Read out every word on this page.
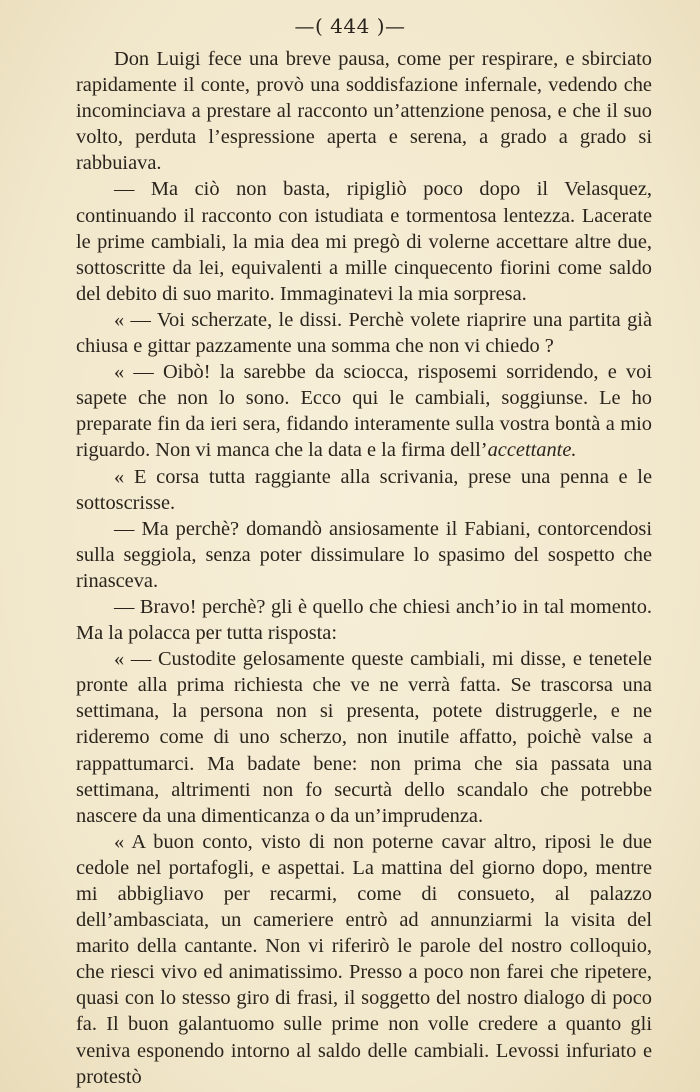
—( 444 )—

Don Luigi fece una breve pausa, come per respirare, e sbirciato rapidamente il conte, provò una soddisfazione infernale, vedendo che incominciava a prestare al racconto un’attenzione penosa, e che il suo volto, perduta l’espressione aperta e serena, a grado a grado si rabbuiava.

— Ma ciò non basta, ripigliò poco dopo il Velasquez, continuando il racconto con istudiata e tormentosa lentezza. Lacerate le prime cambiali, la mia dea mi pregò di volerne accettare altre due, sottoscritte da lei, equivalenti a mille cinquecento fiorini come saldo del debito di suo marito. Immaginatevi la mia sorpresa.

« — Voi scherzate, le dissi. Perchè volete riaprire una partita già chiusa e gittar pazzamente una somma che non vi chiedo ?

« — Oibò! la sarebbe da sciocca, risposemi sorridendo, e voi sapete che non lo sono. Ecco qui le cambiali, soggiunse. Le ho preparate fin da ieri sera, fidando interamente sulla vostra bontà a mio riguardo. Non vi manca che la data e la firma dell’accettante.

« E corsa tutta raggiante alla scrivania, prese una penna e le sottoscrisse.

— Ma perchè? domandò ansiosamente il Fabiani, contorcendosi sulla seggiola, senza poter dissimulare lo spasimo del sospetto che rinasceva.

— Bravo! perchè? gli è quello che chiesi anch’io in tal momento. Ma la polacca per tutta risposta:

« — Custodite gelosamente queste cambiali, mi disse, e tenetele pronte alla prima richiesta che ve ne verrà fatta. Se trascorsa una settimana, la persona non si presenta, potete distruggerle, e ne rideremo come di uno scherzo, non inutile affatto, poichè valse a rappattumarci. Ma badate bene: non prima che sia passata una settimana, altrimenti non fo securtà dello scandalo che potrebbe nascere da una dimenticanza o da un’imprudenza.

« A buon conto, visto di non poterne cavar altro, riposi le due cedole nel portafogli, e aspettai. La mattina del giorno dopo, mentre mi abbigliavo per recarmi, come di consueto, al palazzo dell’ambasciata, un cameriere entrò ad annunziarmi la visita del marito della cantante. Non vi riferirò le parole del nostro colloquio, che riesci vivo ed animatissimo. Presso a poco non farei che ripetere, quasi con lo stesso giro di frasi, il soggetto del nostro dialogo di poco fa. Il buon galantuomo sulle prime non volle credere a quanto gli veniva esponendo intorno al saldo delle cambiali. Levossi infuriato e protestò
